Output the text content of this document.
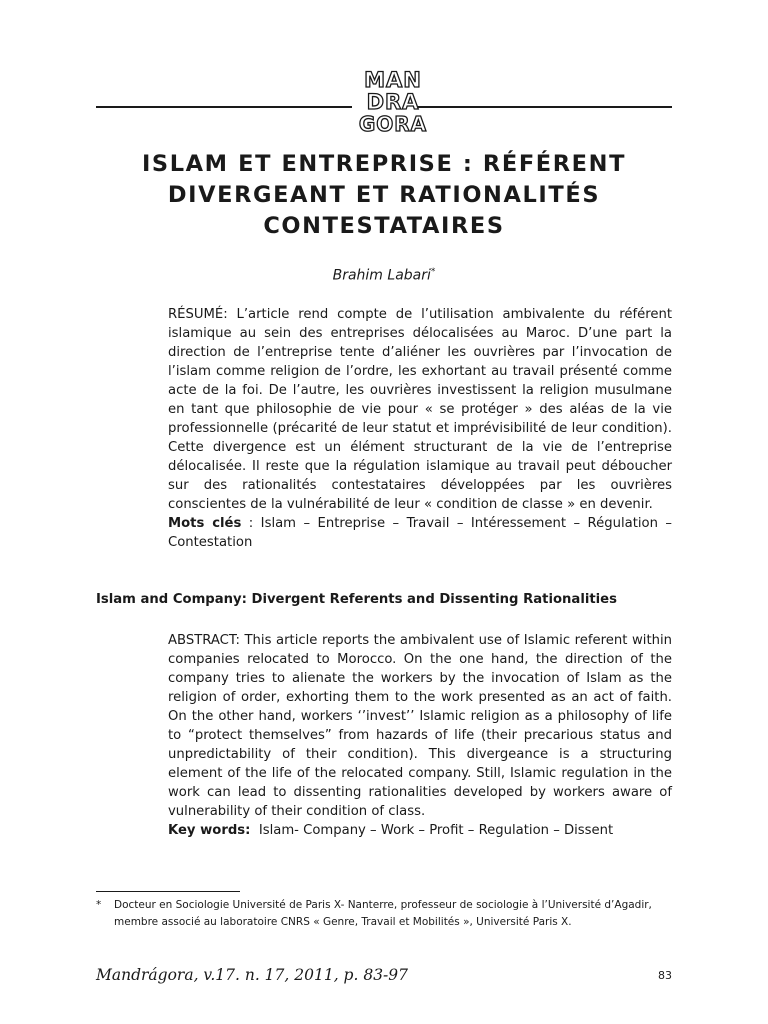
MAN
DRA
GORA
ISLAM ET ENTREPRISE : RÉFÉRENT
DIVERGEANT ET RATIONALITÉS
CONTESTATAIRES
Brahim Labari*
RÉSUMÉ: L’article rend compte de l’utilisation ambivalente du référent islamique au sein des entreprises délocalisées au Maroc. D’une part la direction de l’entreprise tente d’aliéner les ouvrières par l’invocation de l’islam comme religion de l’ordre, les exhortant au travail présenté comme acte de la foi. De l’autre, les ouvrières investissent la religion musulmane en tant que philosophie de vie pour « se protéger » des aléas de la vie professionnelle (précarité de leur statut et imprévisibilité de leur condition). Cette divergence est un élément structurant de la vie de l’entreprise délocalisée. Il reste que la régulation islamique au travail peut déboucher sur des rationalités contestataires développées par les ouvrières conscientes de la vulnérabilité de leur « condition de classe » en devenir.
Mots clés : Islam – Entreprise – Travail – Intéressement – Régulation – Contestation
Islam and Company: Divergent Referents and Dissenting Rationalities
ABSTRACT: This article reports the ambivalent use of Islamic referent within companies relocated to Morocco. On the one hand, the direction of the company tries to alienate the workers by the invocation of Islam as the religion of order, exhorting them to the work presented as an act of faith. On the other hand, workers ‘’invest’’ Islamic religion as a philosophy of life to “protect themselves” from hazards of life (their precarious status and unpredictability of their condition). This divergeance is a structuring element of the life of the relocated company. Still, Islamic regulation in the work can lead to dissenting rationalities developed by workers aware of vulnerability of their condition of class.
Key words:  Islam- Company – Work – Profit – Regulation – Dissent
* Docteur en Sociologie Université de Paris X- Nanterre, professeur de sociologie à l’Université d’Agadir, membre associé au laboratoire CNRS « Genre, Travail et Mobilités », Université Paris X.
Mandrágora, v.17. n. 17, 2011, p. 83-97	83
